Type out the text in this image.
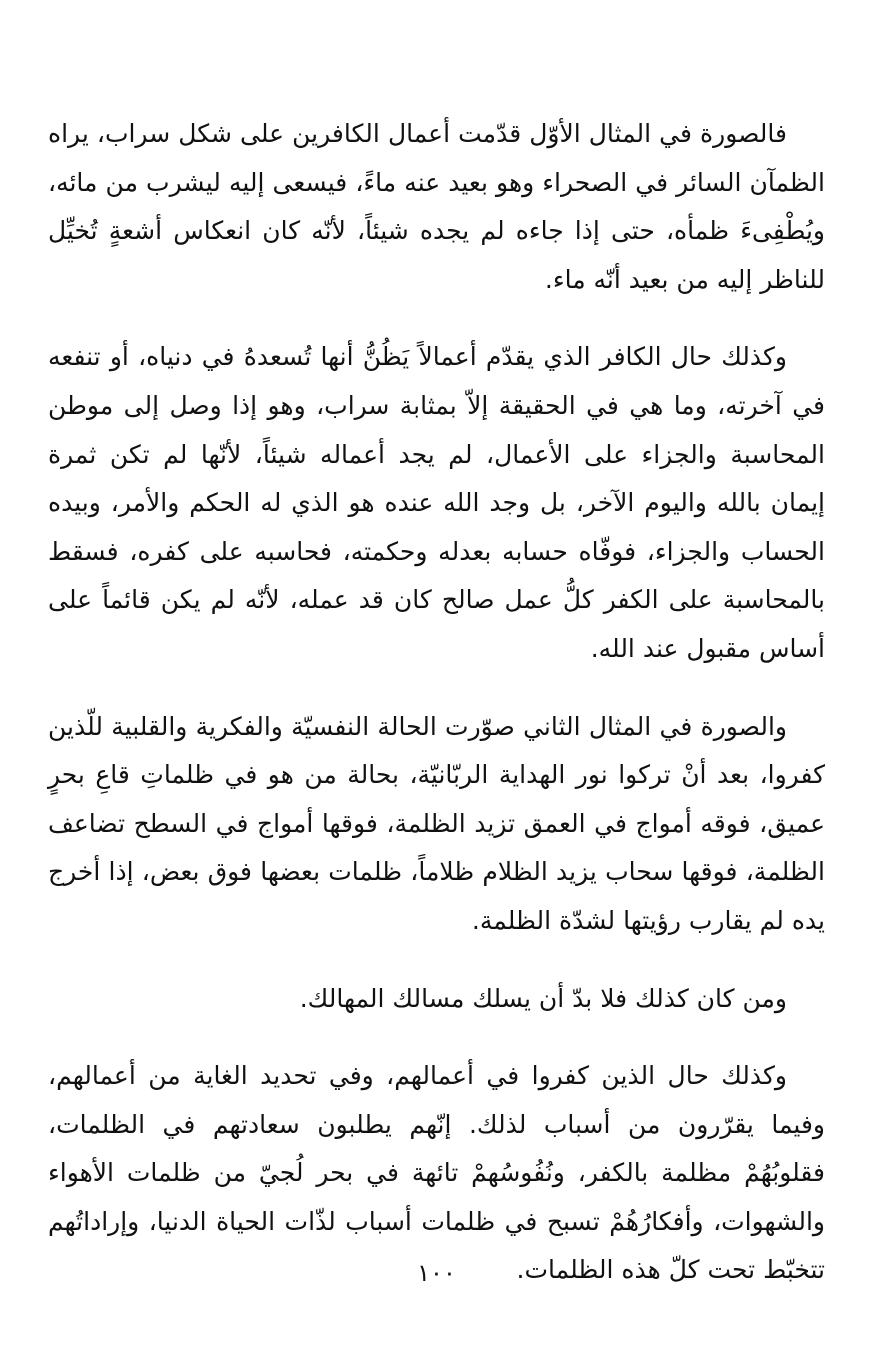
فالصورة في المثال الأوّل قدّمت أعمال الكافرين على شكل سراب، يراه الظمآن السائر في الصحراء وهو بعيد عنه ماءً، فيسعى إليه ليشرب من مائه، ويُطْفِىءَ ظمأه، حتى إذا جاءه لم يجده شيئاً، لأنّه كان انعكاس أشعةٍ تُخيِّل للناظر إليه من بعيد أنّه ماء.

وكذلك حال الكافر الذي يقدّم أعمالاً يَظُنُّ أنها تُسعدهُ في دنياه، أو تنفعه في آخرته، وما هي في الحقيقة إلاّ بمثابة سراب، وهو إذا وصل إلى موطن المحاسبة والجزاء على الأعمال، لم يجد أعماله شيئاً، لأنّها لم تكن ثمرة إيمان بالله واليوم الآخر، بل وجد الله عنده هو الذي له الحكم والأمر، وبيده الحساب والجزاء، فوفّاه حسابه بعدله وحكمته، فحاسبه على كفره، فسقط بالمحاسبة على الكفر كلُّ عمل صالح كان قد عمله، لأنّه لم يكن قائماً على أساس مقبول عند الله.

والصورة في المثال الثاني صوّرت الحالة النفسيّة والفكرية والقلبية للّذين كفروا، بعد أنْ تركوا نور الهداية الربّانيّة، بحالة من هو في ظلماتِ قاعِ بحرٍ عميق، فوقه أمواج في العمق تزيد الظلمة، فوقها أمواج في السطح تضاعف الظلمة، فوقها سحاب يزيد الظلام ظلاماً، ظلمات بعضها فوق بعض، إذا أخرج يده لم يقارب رؤيتها لشدّة الظلمة.

ومن كان كذلك فلا بدّ أن يسلك مسالك المهالك.

وكذلك حال الذين كفروا في أعمالهم، وفي تحديد الغاية من أعمالهم، وفيما يقرّرون من أسباب لذلك. إنّهم يطلبون سعادتهم في الظلمات، فقلوبُهُمْ مظلمة بالكفر، ونُفُوسُهمْ تائهة في بحر لُجيّ من ظلمات الأهواء والشهوات، وأفكارُهُمْ تسبح في ظلمات أسباب لذّات الحياة الدنيا، وإراداتُهم تتخبّط تحت كلّ هذه الظلمات.

١٠٠
